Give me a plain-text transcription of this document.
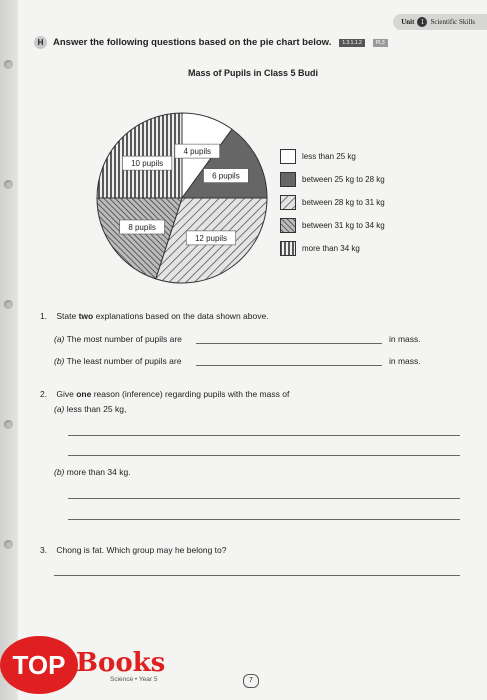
Unit 1 Scientific Skills
H	Answer the following questions based on the pie chart below.	1.3.1.1.2	PL3
Mass of Pupils in Class 5 Budi
4 pupils
6 pupils
12 pupils
8 pupils
10 pupils
less than 25 kg
between 25 kg to 28 kg
between 28 kg to 31 kg
between 31 kg to 34 kg
more than 34 kg
1. State two explanations based on the data shown above.
(a) The most number of pupils are	in mass.
(b) The least number of pupils are	in mass.
2. Give one reason (inference) regarding pupils with the mass of
(a) less than 25 kg,
(b) more than 34 kg.
3. Chong is fat. Which group may he belong to?
TOP Books
Science • Year 5	7
